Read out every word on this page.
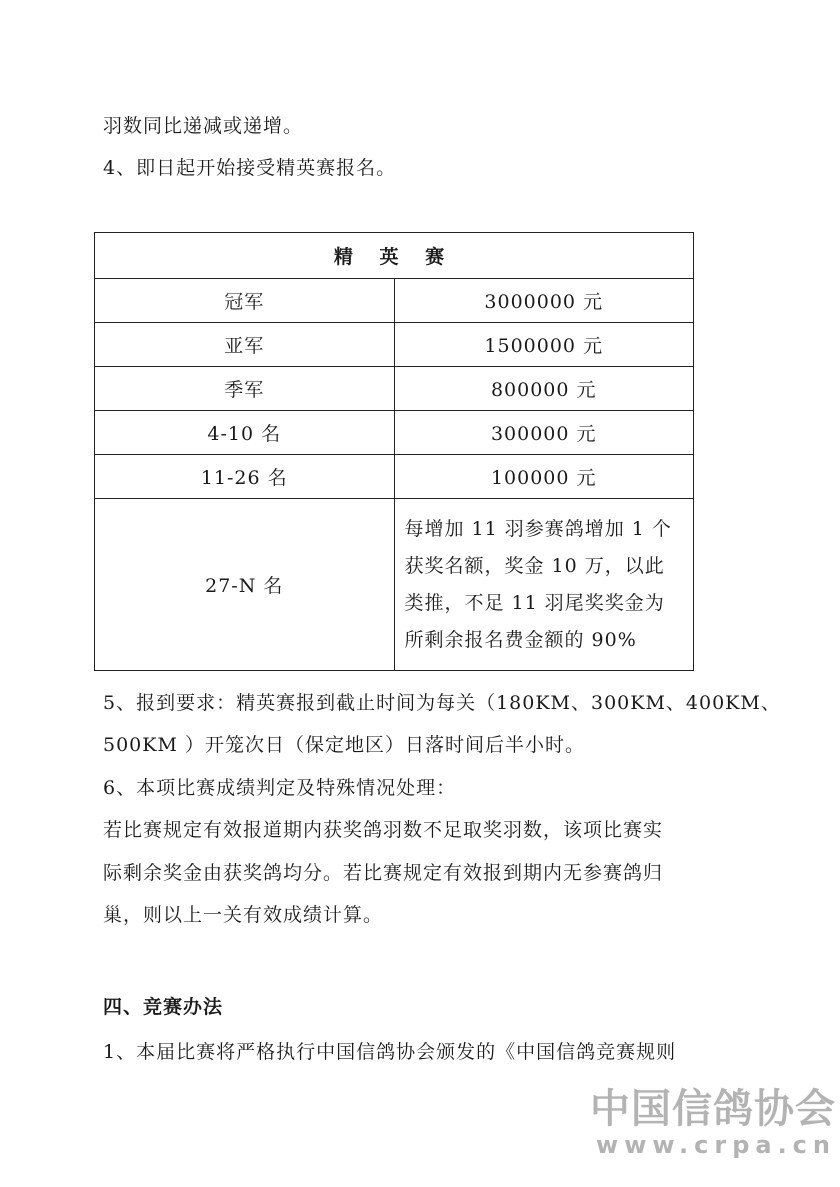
羽数同比递减或递增。
4、即日起开始接受精英赛报名。
精 英 赛	
冠军	3000000 元
亚军	1500000 元
季军	800000 元
4-10 名	300000 元
11-26 名	100000 元
27-N 名	每增加 11 羽参赛鸽增加 1 个
获奖名额，奖金 10 万，以此
类推，不足 11 羽尾奖奖金为
所剩余报名费金额的 90%
5、报到要求：精英赛报到截止时间为每关（180KM、300KM、400KM、
500KM ）开笼次日（保定地区）日落时间后半小时。
6、本项比赛成绩判定及特殊情况处理：
若比赛规定有效报道期内获奖鸽羽数不足取奖羽数，该项比赛实
际剩余奖金由获奖鸽均分。若比赛规定有效报到期内无参赛鸽归
巢，则以上一关有效成绩计算。
四、竞赛办法
1、本届比赛将严格执行中国信鸽协会颁发的《中国信鸽竞赛规则
中国信鸽协会
www.crpa.cn
